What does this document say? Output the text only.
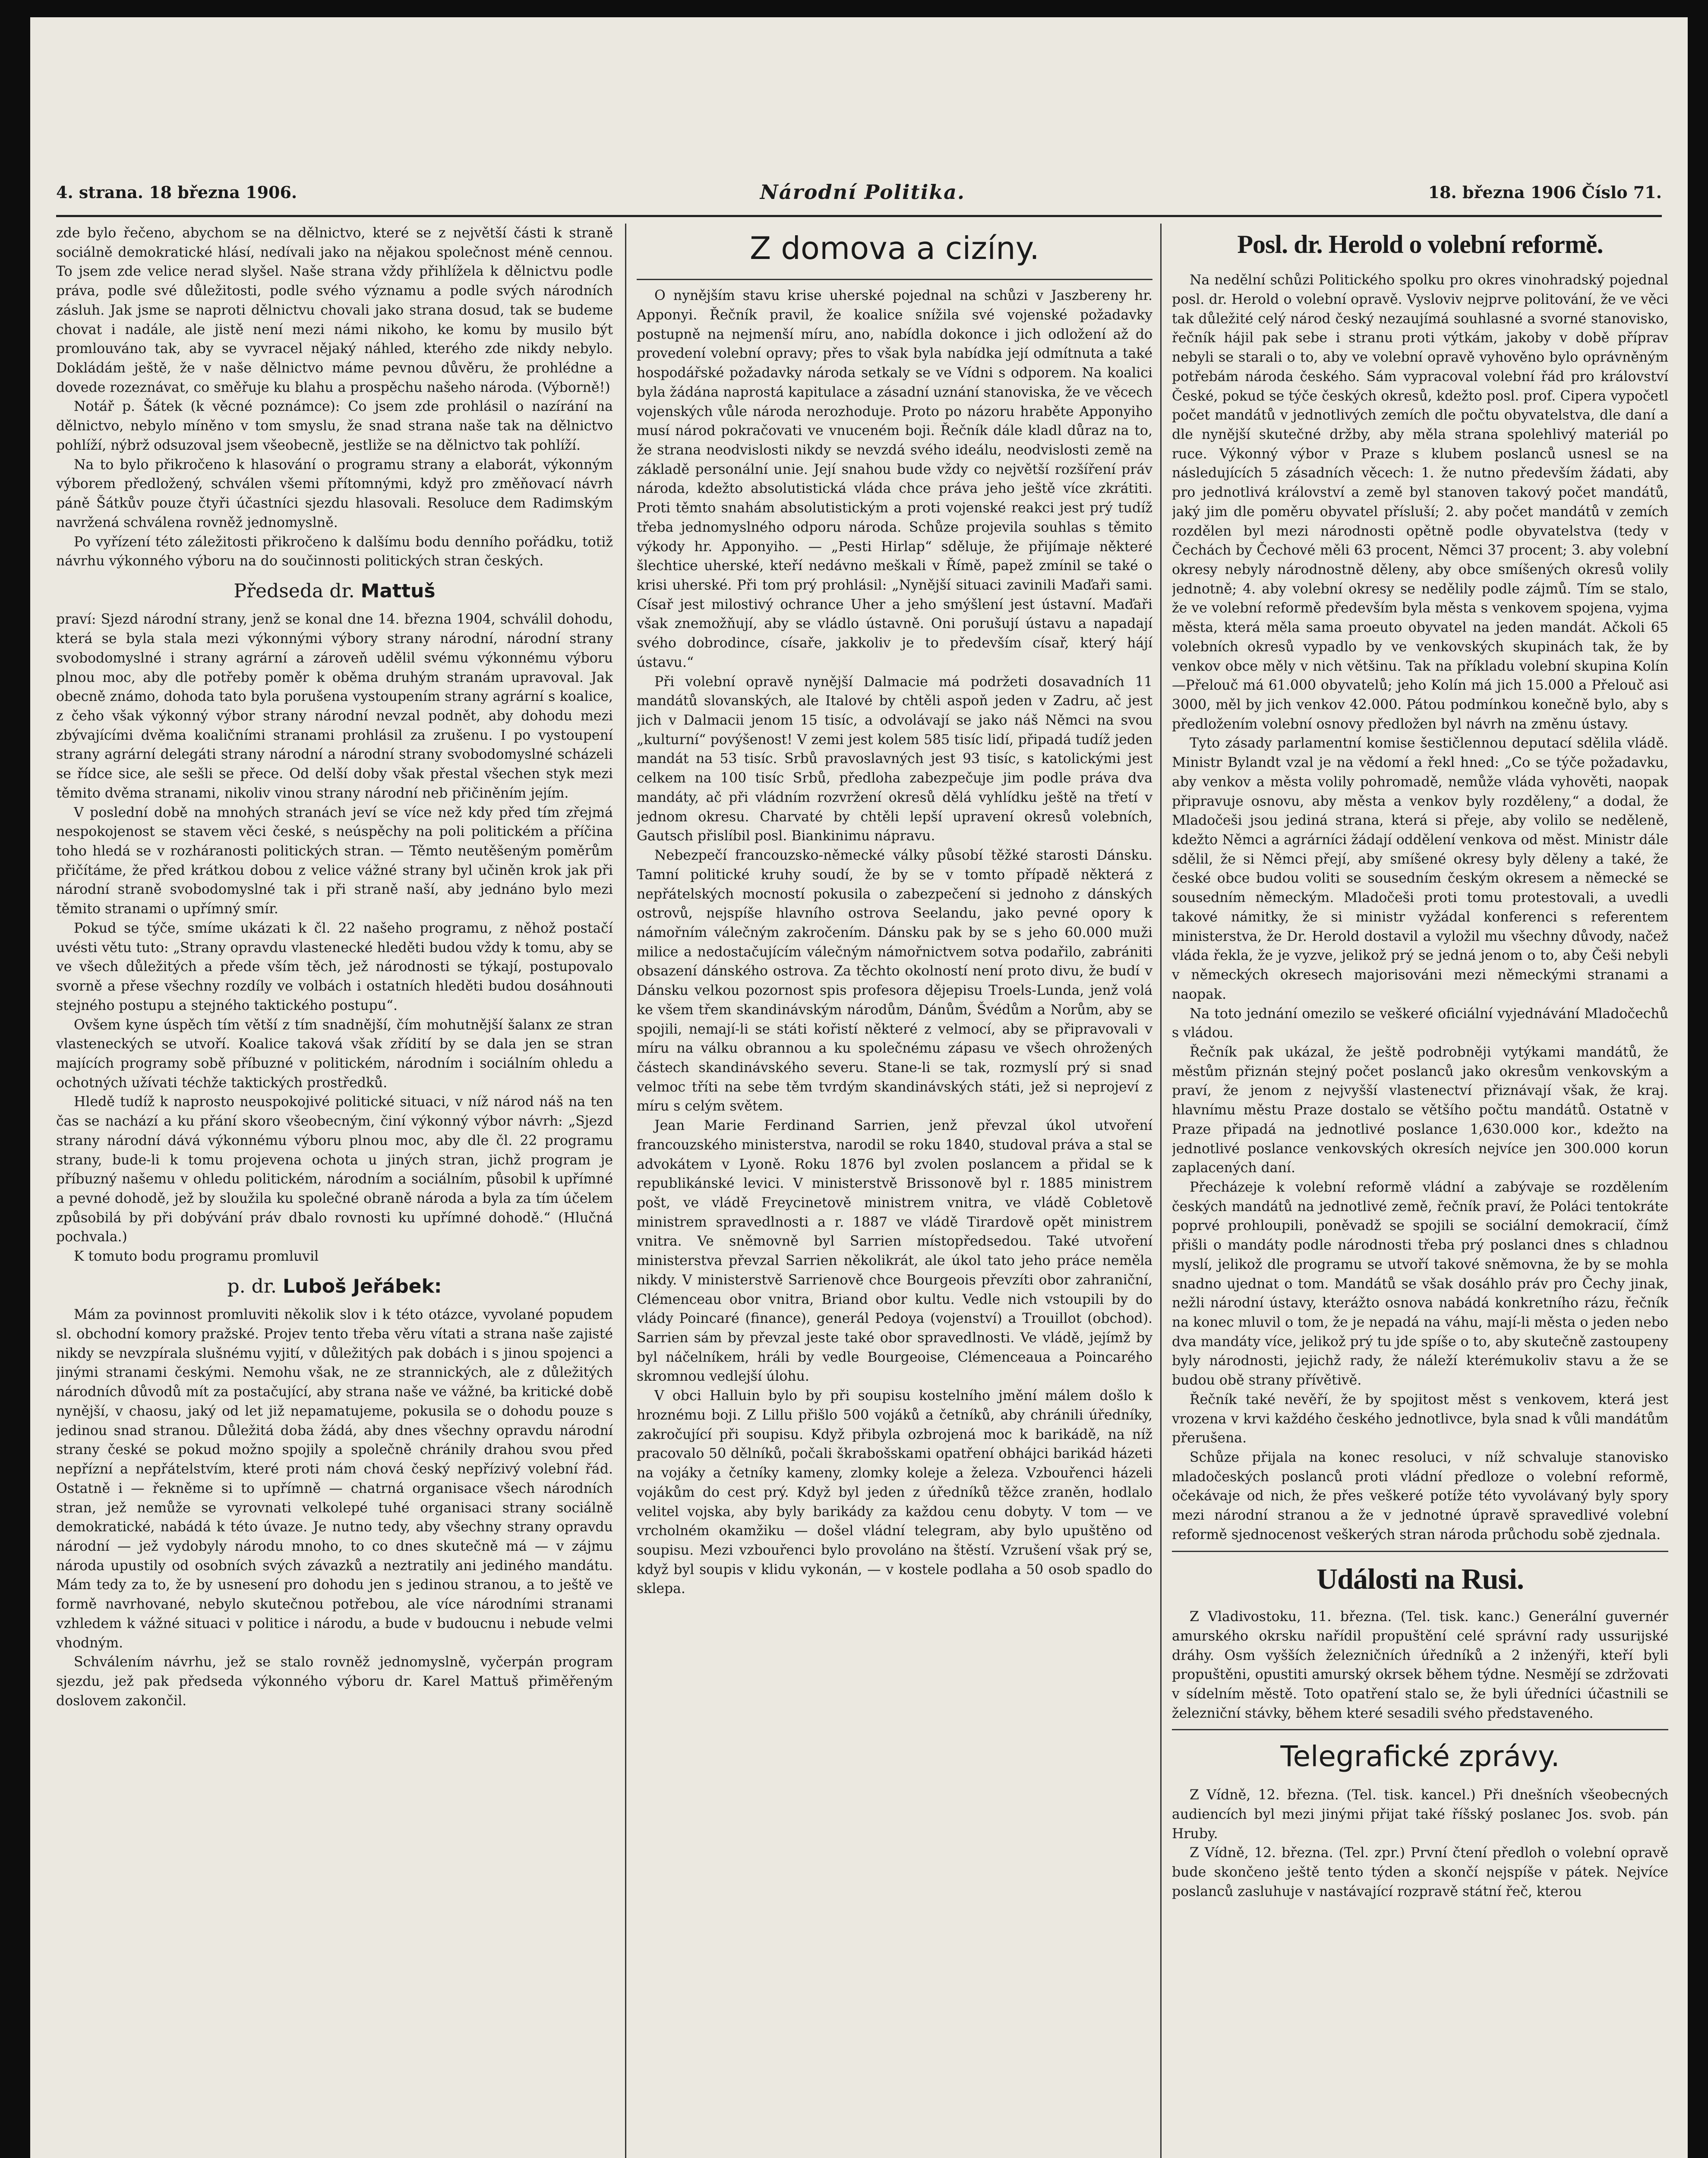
4. strana. 18 března 1906.	Národní Politika.	18. března 1906 Číslo 71.

zde bylo řečeno, abychom se na dělnictvo, které se z největší části k straně sociálně demokratické hlásí, nedívali jako na nějakou společnost méně cennou. To jsem zde velice nerad slyšel. Naše strana vždy přihlížela k dělnictvu podle práva, podle své důležitosti, podle svého významu a podle svých národních zásluh. Jak jsme se naproti dělnictvu chovali jako strana dosud, tak se budeme chovat i nadále, ale jistě není mezi námi nikoho, ke komu by musilo být promlouváno tak, aby se vyvracel nějaký náhled, kterého zde nikdy nebylo. Dokládám ještě, že v naše dělnictvo máme pevnou důvěru, že prohlédne a dovede rozeznávat, co směřuje ku blahu a prospěchu našeho národa. (Výborně!)

Notář p. Šátek (k věcné poznámce): Co jsem zde prohlásil o nazírání na dělnictvo, nebylo míněno v tom smyslu, že snad strana naše tak na dělnictvo pohlíží, nýbrž odsuzoval jsem všeobecně, jestliže se na dělnictvo tak pohlíží.

Na to bylo přikročeno k hlasování o programu strany a elaborát, výkonným výborem předložený, schválen všemi přítomnými, když pro změňovací návrh páně Šátkův pouze čtyři účastníci sjezdu hlasovali. Resoluce dem Radimským navržená schválena rovněž jednomyslně.

Po vyřízení této záležitosti přikročeno k dalšímu bodu denního pořádku, totiž návrhu výkonného výboru na do součinnosti politických stran českých.

Předseda dr. Mattuš

praví: Sjezd národní strany, jenž se konal dne 14. března 1904, schválil dohodu, která se byla stala mezi výkonnými výbory strany národní, národní strany svobodomyslné i strany agrární a zároveň udělil svému výkonnému výboru plnou moc, aby dle potřeby poměr k oběma druhým stranám upravoval. Jak obecně známo, dohoda tato byla porušena vystoupením strany agrární s koalice, z čeho však výkonný výbor strany národní nevzal podnět, aby dohodu mezi zbývajícími dvěma koaličními stranami prohlásil za zrušenu. I po vystoupení strany agrární delegáti strany národní a národní strany svobodomyslné scházeli se řídce sice, ale sešli se přece. Od delší doby však přestal všechen styk mezi těmito dvěma stranami, nikoliv vinou strany národní neb přičiněním jejím.

V poslední době na mnohých stranách jeví se více než kdy před tím zřejmá nespokojenost se stavem věci české, s neúspěchy na poli politickém a příčina toho hledá se v rozháranosti politických stran. — Těmto neutěšeným poměrům přičítáme, že před krátkou dobou z velice vážné strany byl učiněn krok jak při národní straně svobodomyslné tak i při straně naší, aby jednáno bylo mezi těmito stranami o upřímný smír.

Pokud se týče, smíme ukázati k čl. 22 našeho programu, z něhož postačí uvésti větu tuto: „Strany opravdu vlastenecké hleděti budou vždy k tomu, aby se ve všech důležitých a přede vším těch, jež národnosti se týkají, postupovalo svorně a přese všechny rozdíly ve volbách i ostatních hleděti budou dosáhnouti stejného postupu a stejného taktického postupu“.

Ovšem kyne úspěch tím větší z tím snadnější, čím mohutnější šalanx ze stran vlasteneckých se utvoří. Koalice taková však zřídití by se dala jen se stran majících programy sobě příbuzné v politickém, národním i sociálním ohledu a ochotných užívati téchže taktických prostředků.

Hledě tudíž k naprosto neuspokojivé politické situaci, v níž národ náš na ten čas se nachází a ku přání skoro všeobecným, činí výkonný výbor návrh: „Sjezd strany národní dává výkonnému výboru plnou moc, aby dle čl. 22 programu strany, bude-li k tomu projevena ochota u jiných stran, jichž program je příbuzný našemu v ohledu politickém, národním a sociálním, působil k upřímné a pevné dohodě, jež by sloužila ku společné obraně národa a byla za tím účelem způsobilá by při dobývání práv dbalo rovnosti ku upřímné dohodě.“ (Hlučná pochvala.)

K tomuto bodu programu promluvil

p. dr. Luboš Jeřábek:

Mám za povinnost promluviti několik slov i k této otázce, vyvolané popudem sl. obchodní komory pražské. Projev tento třeba věru vítati a strana naše zajisté nikdy se nevzpírala slušnému vyjití, v důležitých pak dobách i s jinou spojenci a jinými stranami českými. Nemohu však, ne ze strannických, ale z důležitých národních důvodů mít za postačující, aby strana naše ve vážné, ba kritické době nynější, v chaosu, jaký od let již nepamatujeme, pokusila se o dohodu pouze s jedinou snad stranou. Důležitá doba žádá, aby dnes všechny opravdu národní strany české se pokud možno spojily a společně chránily drahou svou před nepřízní a nepřátelstvím, které proti nám chová český nepřízivý volební řád. Ostatně i — řekněme si to upřímně — chatrná organisace všech národních stran, jež nemůže se vyrovnati velkolepé tuhé organisaci strany sociálně demokratické, nabádá k této úvaze. Je nutno tedy, aby všechny strany opravdu národní — jež vydobyly národu mnoho, to co dnes skutečně má — v zájmu národa upustily od osobních svých závazků a neztratily ani jediného mandátu. Mám tedy za to, že by usnesení pro dohodu jen s jedinou stranou, a to ještě ve formě navrhované, nebylo skutečnou potřebou, ale více národními stranami vzhledem k vážné situaci v politice i národu, a bude v budoucnu i nebude velmi vhodným.

Schválením návrhu, jež se stalo rovněž jednomyslně, vyčerpán program sjezdu, jež pak předseda výkonného výboru dr. Karel Mattuš přiměřeným doslovem zakončil.

Z domova a cizíny.

O nynějším stavu krise uherské pojednal na schůzi v Jaszbereny hr. Apponyi. Řečník pravil, že koalice snížila své vojenské požadavky postupně na nejmenší míru, ano, nabídla dokonce i jich odložení až do provedení volební opravy; přes to však byla nabídka její odmítnuta a také hospodářské požadavky národa setkaly se ve Vídni s odporem. Na koalici byla žádána naprostá kapitulace a zásadní uznání stanoviska, že ve věcech vojenských vůle národa nerozhoduje. Proto po názoru hraběte Apponyiho musí národ pokračovati ve vnuceném boji. Řečník dále kladl důraz na to, že strana neodvislosti nikdy se nevzdá svého ideálu, neodvislosti země na základě personální unie. Její snahou bude vždy co největší rozšíření práv národa, kdežto absolutistická vláda chce práva jeho ještě více zkrátiti. Proti těmto snahám absolutistickým a proti vojenské reakci jest prý tudíž třeba jednomyslného odporu národa. Schůze projevila souhlas s těmito výkody hr. Apponyiho. — „Pesti Hirlap“ sděluje, že přijímaje některé šlechtice uherské, kteří nedávno meškali v Římě, papež zmínil se také o krisi uherské. Při tom prý prohlásil: „Nynější situaci zavinili Maďaři sami. Císař jest milostivý ochrance Uher a jeho smýšlení jest ústavní. Maďaři však znemožňují, aby se vládlo ústavně. Oni porušují ústavu a napadají svého dobrodince, císaře, jakkoliv je to především císař, který hájí ústavu.“

Při volební opravě nynější Dalmacie má podržeti dosavadních 11 mandátů slovanských, ale Italové by chtěli aspoň jeden v Zadru, ač jest jich v Dalmacii jenom 15 tisíc, a odvolávají se jako náš Němci na svou „kulturní“ povýšenost! V zemi jest kolem 585 tisíc lidí, připadá tudíž jeden mandát na 53 tisíc. Srbů pravoslavných jest 93 tisíc, s katolickými jest celkem na 100 tisíc Srbů, předloha zabezpečuje jim podle práva dva mandáty, ač při vládním rozvržení okresů dělá vyhlídku ještě na třetí v jednom okresu. Charvaté by chtěli lepší upravení okresů volebních, Gautsch přislíbil posl. Biankinimu nápravu.

Nebezpečí francouzsko-německé války působí těžké starosti Dánsku. Tamní politické kruhy soudí, že by se v tomto případě některá z nepřátelských mocností pokusila o zabezpečení si jednoho z dánských ostrovů, nejspíše hlavního ostrova Seelandu, jako pevné opory k námořním válečným zakročením. Dánsku pak by se s jeho 60.000 muži milice a nedostačujícím válečným námořnictvem sotva podařilo, zabrániti obsazení dánského ostrova. Za těchto okolností není proto divu, že budí v Dánsku velkou pozornost spis profesora dějepisu Troels-Lunda, jenž volá ke všem třem skandinávským národům, Dánům, Švédům a Norům, aby se spojili, nemají-li se státi kořistí některé z velmocí, aby se připravovali v míru na válku obrannou a ku společnému zápasu ve všech ohrožených částech skandinávského severu. Stane-li se tak, rozmyslí prý si snad velmoc tříti na sebe těm tvrdým skandinávských státi, jež si neprojeví z míru s celým světem.

Jean Marie Ferdinand Sarrien, jenž převzal úkol utvoření francouzského ministerstva, narodil se roku 1840, studoval práva a stal se advokátem v Lyoně. Roku 1876 byl zvolen poslancem a přidal se k republikánské levici. V ministerstvě Brissonově byl r. 1885 ministrem pošt, ve vládě Freycinetově ministrem vnitra, ve vládě Cobletově ministrem spravedlnosti a r. 1887 ve vládě Tirardově opět ministrem vnitra. Ve sněmovně byl Sarrien místopředsedou. Také utvoření ministerstva převzal Sarrien několikrát, ale úkol tato jeho práce neměla nikdy. V ministerstvě Sarrienově chce Bourgeois převzíti obor zahraniční, Clémenceau obor vnitra, Briand obor kultu. Vedle nich vstoupili by do vlády Poincaré (finance), generál Pedoya (vojenství) a Trouillot (obchod). Sarrien sám by převzal jeste také obor spravedlnosti. Ve vládě, jejímž by byl náčelníkem, hráli by vedle Bourgeoise, Clémenceaua a Poincarého skromnou vedlejší úlohu.

V obci Halluin bylo by při soupisu kostelního jmění málem došlo k hroznému boji. Z Lillu přišlo 500 vojáků a četníků, aby chránili úředníky, zakročující při soupisu. Když přibyla ozbrojená moc k barikádě, na níž pracovalo 50 dělníků, počali škrabošskami opatření obhájci barikád házeti na vojáky a četníky kameny, zlomky koleje a železa. Vzbouřenci házeli vojákům do cest prý. Když byl jeden z úředníků těžce zraněn, hodlalo velitel vojska, aby byly barikády za každou cenu dobyty. V tom — ve vrcholném okamžiku — došel vládní telegram, aby bylo upuštěno od soupisu. Mezi vzbouřenci bylo provoláno na štěstí. Vzrušení však prý se, když byl soupis v klidu vykonán, — v kostele podlaha a 50 osob spadlo do sklepa.

Posl. dr. Herold o volební reformě.

Na nedělní schůzi Politického spolku pro okres vinohradský pojednal posl. dr. Herold o volební opravě. Vysloviv nejprve politování, že ve věci tak důležité celý národ český nezaujímá souhlasné a svorné stanovisko, řečník hájil pak sebe i stranu proti výtkám, jakoby v době příprav nebyli se starali o to, aby ve volební opravě vyhověno bylo oprávněným potřebám národa českého. Sám vypracoval volební řád pro království České, pokud se týče českých okresů, kdežto posl. prof. Cipera vypočetl počet mandátů v jednotlivých zemích dle počtu obyvatelstva, dle daní a dle nynější skutečné držby, aby měla strana spolehlivý materiál po ruce. Výkonný výbor v Praze s klubem poslanců usnesl se na následujících 5 zásadních věcech: 1. že nutno především žádati, aby pro jednotlivá království a země byl stanoven takový počet mandátů, jaký jim dle poměru obyvatel přísluší; 2. aby počet mandátů v zemích rozdělen byl mezi národnosti opětně podle obyvatelstva (tedy v Čechách by Čechové měli 63 procent, Němci 37 procent; 3. aby volební okresy nebyly národnostně děleny, aby obce smíšených okresů volily jednotně; 4. aby volební okresy se nedělily podle zájmů. Tím se stalo, že ve volební reformě především byla města s venkovem spojena, vyjma města, která měla sama proeuto obyvatel na jeden mandát. Ačkoli 65 volebních okresů vypadlo by ve venkovských skupinách tak, že by venkov obce měly v nich většinu. Tak na příkladu volební skupina Kolín—Přelouč má 61.000 obyvatelů; jeho Kolín má jich 15.000 a Přelouč asi 3000, měl by jich venkov 42.000. Pátou podmínkou konečně bylo, aby s předložením volební osnovy předložen byl návrh na změnu ústavy.

Tyto zásady parlamentní komise šestičlennou deputací sdělila vládě. Ministr Bylandt vzal je na vědomí a řekl hned: „Co se týče požadavku, aby venkov a města volily pohromadě, nemůže vláda vyhověti, naopak připravuje osnovu, aby města a venkov byly rozděleny,“ a dodal, že Mladočeši jsou jediná strana, která si přeje, aby volilo se neděleně, kdežto Němci a agrárníci žádají oddělení venkova od měst. Ministr dále sdělil, že si Němci přejí, aby smíšené okresy byly děleny a také, že české obce budou voliti se sousedním českým okresem a německé se sousedním německým. Mladočeši proti tomu protestovali, a uvedli takové námitky, že si ministr vyžádal konferenci s referentem ministerstva, že Dr. Herold dostavil a vyložil mu všechny důvody, načež vláda řekla, že je vyzve, jelikož prý se jedná jenom o to, aby Češi nebyli v německých okresech majorisováni mezi německými stranami a naopak.

Na toto jednání omezilo se veškeré oficiální vyjednávání Mladočechů s vládou.

Řečník pak ukázal, že ještě podrobněji vytýkami mandátů, že městům přiznán stejný počet poslanců jako okresům venkovským a praví, že jenom z nejvyšší vlastenectví přiznávají však, že kraj. hlavnímu městu Praze dostalo se většího počtu mandátů. Ostatně v Praze připadá na jednotlivé poslance 1,630.000 kor., kdežto na jednotlivé poslance venkovských okresích nejvíce jen 300.000 korun zaplacených daní.

Přecházeje k volební reformě vládní a zabývaje se rozdělením českých mandátů na jednotlivé země, řečník praví, že Poláci tentokráte poprvé prohloupili, poněvadž se spojili se sociální demokracií, čímž přišli o mandáty podle národnosti třeba prý poslanci dnes s chladnou myslí, jelikož dle programu se utvoří takové sněmovna, že by se mohla snadno ujednat o tom. Mandátů se však dosáhlo práv pro Čechy jinak, nežli národní ústavy, kterážto osnova nabádá konkretního rázu, řečník na konec mluvil o tom, že je nepadá na váhu, mají-li města o jeden nebo dva mandáty více, jelikož prý tu jde spíše o to, aby skutečně zastoupeny byly národnosti, jejichž rady, že náleží kterémukoliv stavu a že se budou obě strany přívětivě.

Řečník také nevěří, že by spojitost měst s venkovem, která jest vrozena v krvi každého českého jednotlivce, byla snad k vůli mandátům přerušena.

Schůze přijala na konec resoluci, v níž schvaluje stanovisko mladočeských poslanců proti vládní předloze o volební reformě, očekávaje od nich, že přes veškeré potíže této vyvolávaný byly spory mezi národní stranou a že v jednotné úpravě spravedlivé volební reformě sjednocenost veškerých stran národa průchodu sobě zjednala.

Události na Rusi.

Z Vladivostoku, 11. března. (Tel. tisk. kanc.) Generální guvernér amurského okrsku nařídil propuštění celé správní rady ussurijské dráhy. Osm vyšších železničních úředníků a 2 inženýři, kteří byli propuštěni, opustiti amurský okrsek během týdne. Nesmějí se zdržovati v sídelním městě. Toto opatření stalo se, že byli úředníci účastnili se železniční stávky, během které sesadili svého představeného.

Telegrafické zprávy.

Z Vídně, 12. března. (Tel. tisk. kancel.) Při dnešních všeobecných audiencích byl mezi jinými přijat také říšský poslanec Jos. svob. pán Hruby.

Z Vídně, 12. března. (Tel. zpr.) První čtení předloh o volební opravě bude skončeno ještě tento týden a skončí nejspíše v pátek. Nejvíce poslanců zasluhuje v nastávající rozpravě státní řeč, kterou
